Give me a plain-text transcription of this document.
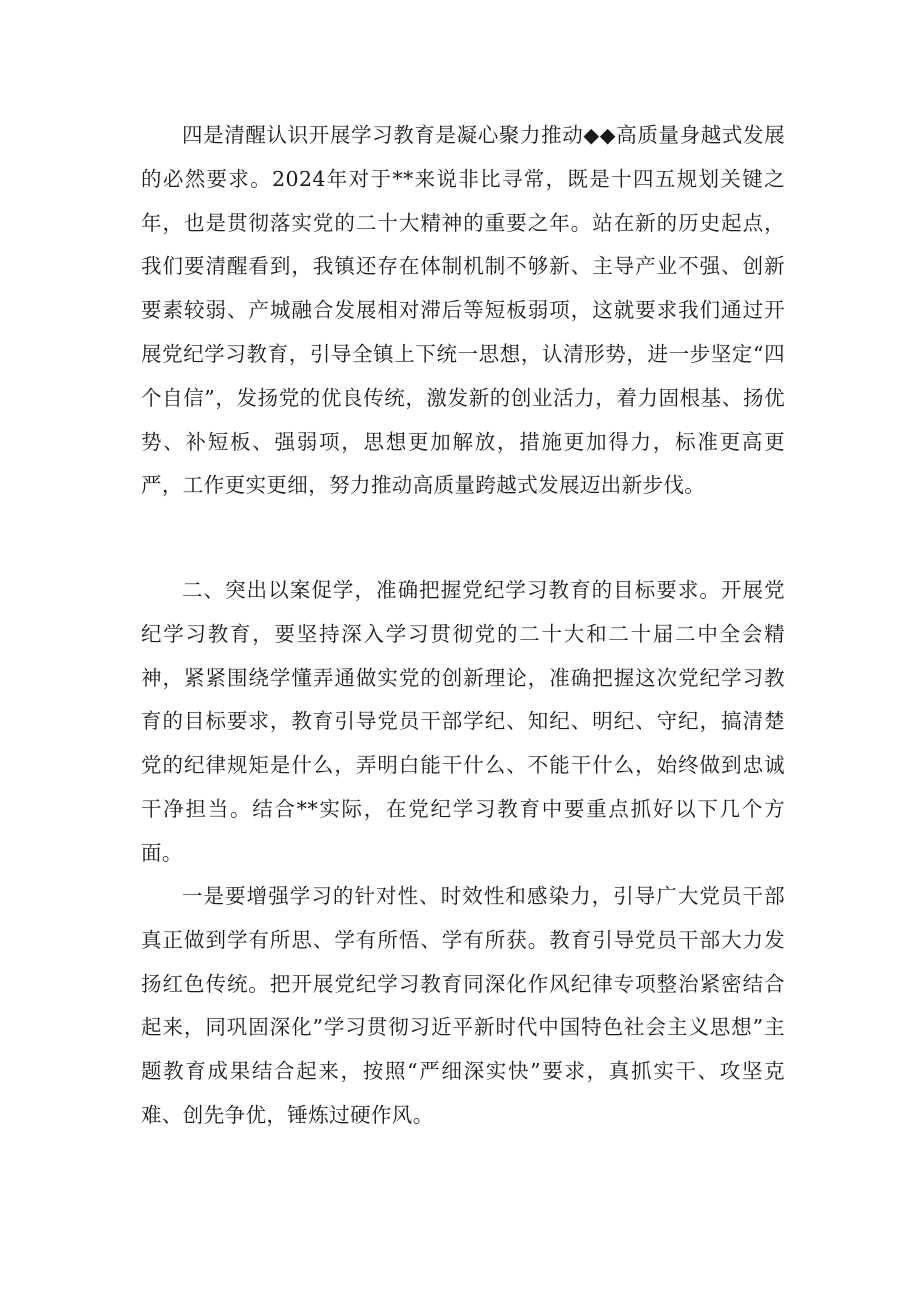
四是清醒认识开展学习教育是凝心聚力推动◆◆高质量身越式发展的必然要求。2024年对于**来说非比寻常，既是十四五规划关键之年，也是贯彻落实党的二十大精神的重要之年。站在新的历史起点，我们要清醒看到，我镇还存在体制机制不够新、主导产业不强、创新要素较弱、产城融合发展相对滞后等短板弱项，这就要求我们通过开展党纪学习教育，引导全镇上下统一思想，认清形势，进一步坚定“四个自信”，发扬党的优良传统，激发新的创业活力，着力固根基、扬优势、补短板、强弱项，思想更加解放，措施更加得力，标准更高更严，工作更实更细，努力推动高质量跨越式发展迈出新步伐。

二、突出以案促学，准确把握党纪学习教育的目标要求。开展党纪学习教育，要坚持深入学习贯彻党的二十大和二十届二中全会精神，紧紧围绕学懂弄通做实党的创新理论，准确把握这次党纪学习教育的目标要求，教育引导党员干部学纪、知纪、明纪、守纪，搞清楚党的纪律规矩是什么，弄明白能干什么、不能干什么，始终做到忠诚干净担当。结合**实际，在党纪学习教育中要重点抓好以下几个方面。

一是要增强学习的针对性、时效性和感染力，引导广大党员干部真正做到学有所思、学有所悟、学有所获。教育引导党员干部大力发扬红色传统。把开展党纪学习教育同深化作风纪律专项整治紧密结合起来，同巩固深化”学习贯彻习近平新时代中国特色社会主义思想”主题教育成果结合起来，按照“严细深实快”要求，真抓实干、攻坚克难、创先争优，锤炼过硬作风。
